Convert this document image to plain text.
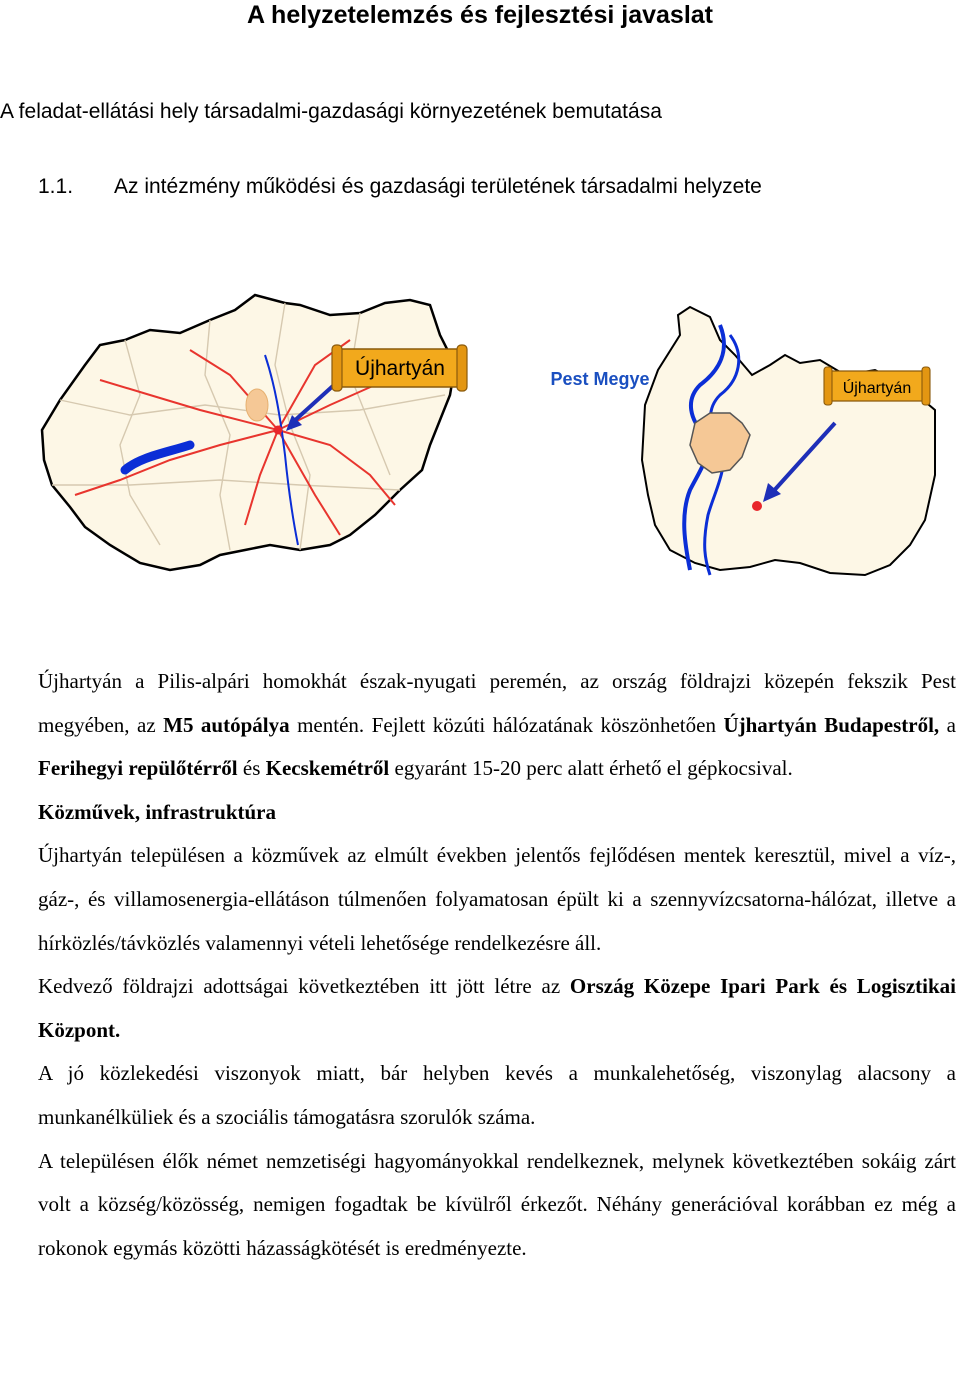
A helyzetelemzés és fejlesztési javaslat
A feladat-ellátási hely társadalmi-gazdasági környezetének bemutatása
1.1. Az intézmény működési és gazdasági területének társadalmi helyzete
Újhartyán	Pest Megye	Újhartyán

Újhartyán a Pilis-alpári homokhát észak-nyugati peremén, az ország földrajzi közepén fekszik Pest megyében, az M5 autópálya mentén. Fejlett közúti hálózatának köszönhetően Újhartyán Budapestről, a Ferihegyi repülőtérről és Kecskemétről egyaránt 15-20 perc alatt érhető el gépkocsival.

Közművek, infrastruktúra

Újhartyán településen a közművek az elmúlt években jelentős fejlődésen mentek keresztül, mivel a víz-, gáz-, és villamosenergia-ellátáson túlmenően folyamatosan épült ki a szennyvízcsatorna-hálózat, illetve a hírközlés/távközlés valamennyi vételi lehetősége rendelkezésre áll.

Kedvező földrajzi adottságai következtében itt jött létre az Ország Közepe Ipari Park és Logisztikai Központ.

A jó közlekedési viszonyok miatt, bár helyben kevés a munkalehetőség, viszonylag alacsony a munkanélküliek és a szociális támogatásra szorulók száma.

A településen élők német nemzetiségi hagyományokkal rendelkeznek, melynek következtében sokáig zárt volt a község/közösség, nemigen fogadtak be kívülről érkezőt. Néhány generációval korábban ez még a rokonok egymás közötti házasságkötését is eredményezte.
